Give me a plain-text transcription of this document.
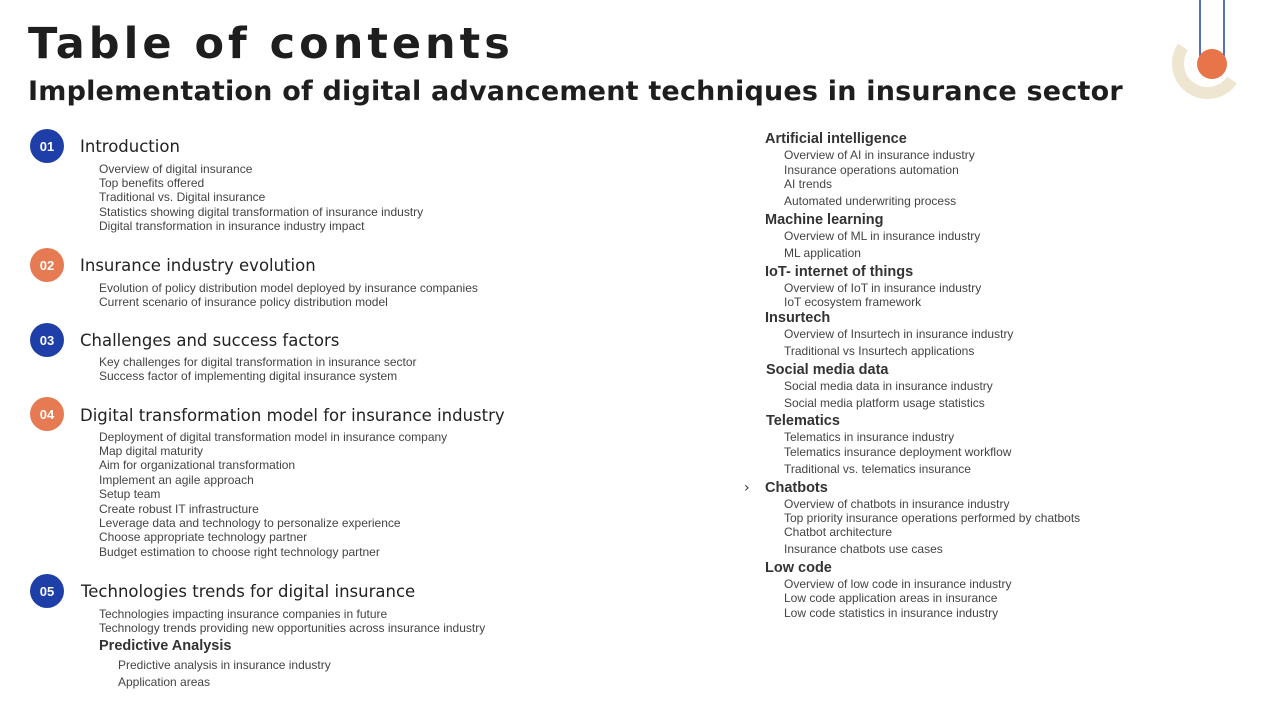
Table of contents
Implementation of digital advancement techniques in insurance sector
01	Introduction
Overview of digital insurance
Top benefits offered
Traditional vs. Digital insurance
Statistics showing digital transformation of insurance industry
Digital transformation in insurance industry impact
02	Insurance industry evolution
Evolution of policy distribution model deployed by insurance companies
Current scenario of insurance policy distribution model
03	Challenges and success factors
Key challenges for digital transformation in insurance sector
Success factor of implementing digital insurance system
04	Digital transformation model for insurance industry
Deployment of digital transformation model in insurance company
Map digital maturity
Aim for organizational transformation
Implement an agile approach
Setup team
Create robust IT infrastructure
Leverage data and technology to personalize experience
Choose appropriate technology partner
Budget estimation to choose right technology partner
05	Technologies trends for digital insurance
Technologies impacting insurance companies in future
Technology trends providing new opportunities across insurance industry
Predictive Analysis
Predictive analysis in insurance industry
Application areas
Artificial intelligence
Overview of AI in insurance industry
Insurance operations automation
AI trends
Automated underwriting process
Machine learning
Overview of ML in insurance industry
ML application
IoT- internet of things
Overview of IoT in insurance industry
IoT ecosystem framework
Insurtech
Overview of Insurtech in insurance industry
Traditional vs Insurtech applications
Social media data
Social media data in insurance industry
Social media platform usage statistics
Telematics
Telematics in insurance industry
Telematics insurance deployment workflow
Traditional vs. telematics insurance
› Chatbots
Overview of chatbots in insurance industry
Top priority insurance operations performed by chatbots
Chatbot architecture
Insurance chatbots use cases
Low code
Overview of low code in insurance industry
Low code application areas in insurance
Low code statistics in insurance industry
